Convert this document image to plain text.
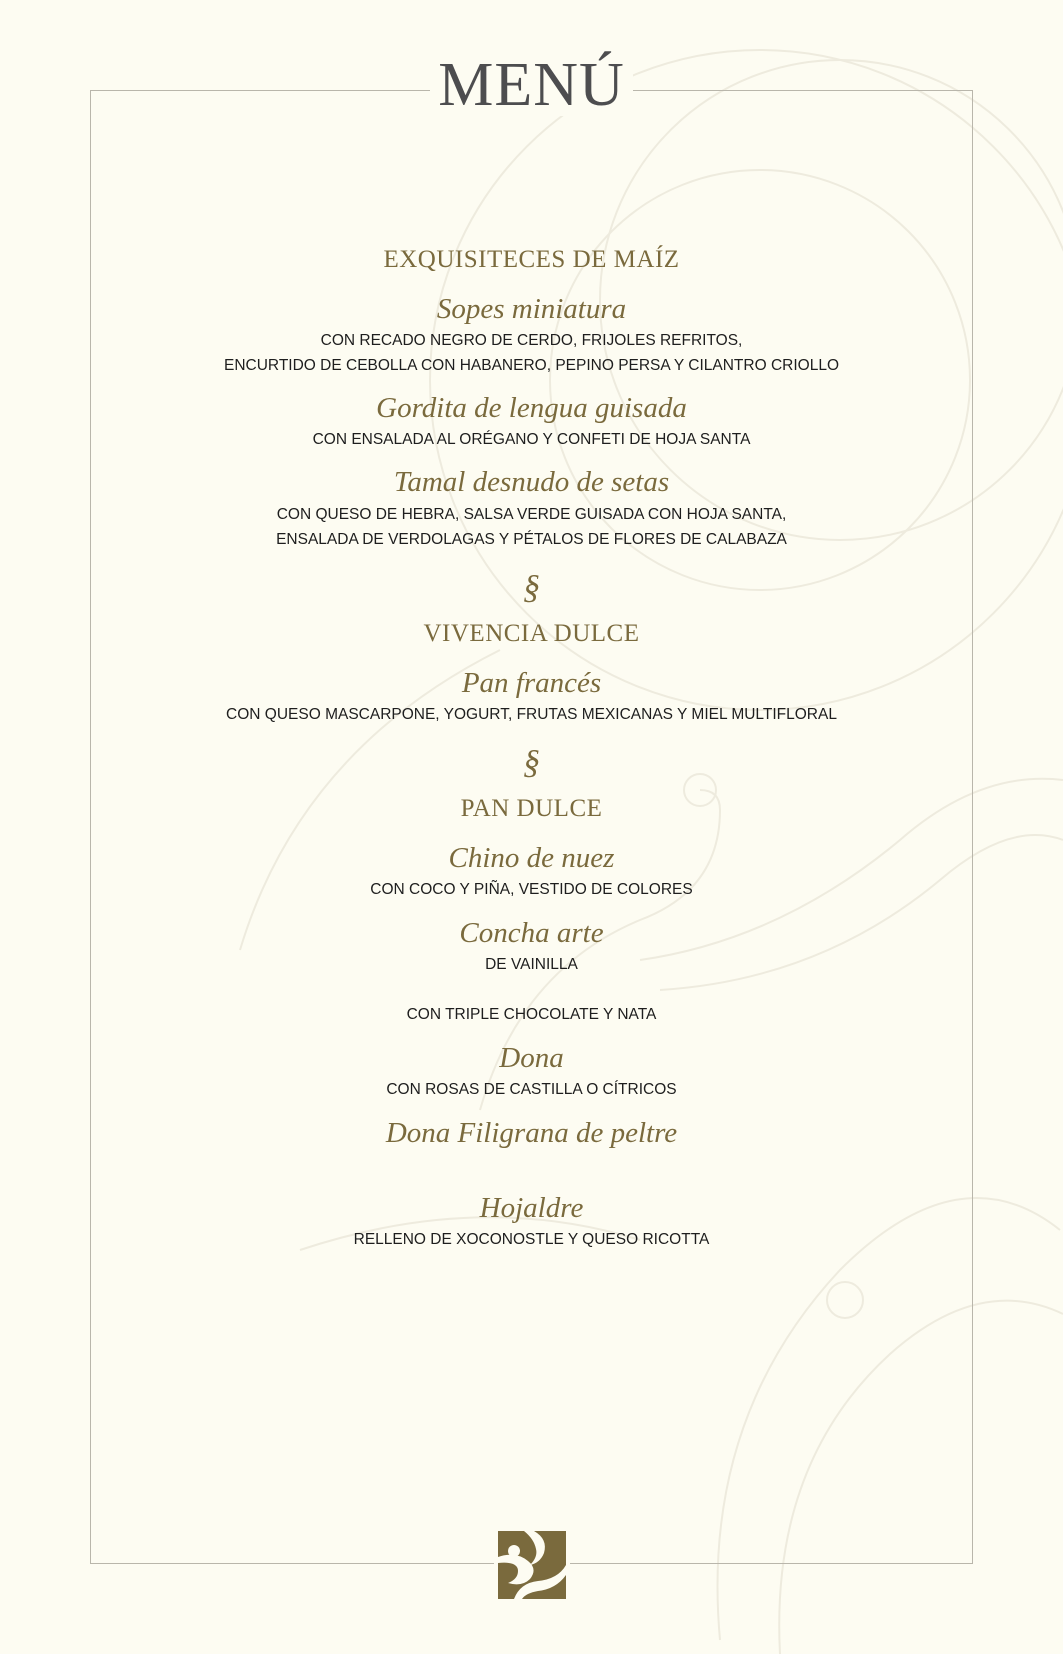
MENÚ
EXQUISITECES DE MAÍZ
Sopes miniatura
CON RECADO NEGRO DE CERDO, FRIJOLES REFRITOS,
ENCURTIDO DE CEBOLLA CON HABANERO, PEPINO PERSA Y CILANTRO CRIOLLO
Gordita de lengua guisada
CON ENSALADA AL ORÉGANO Y CONFETI DE HOJA SANTA
Tamal desnudo de setas
CON QUESO DE HEBRA, SALSA VERDE GUISADA CON HOJA SANTA,
ENSALADA DE VERDOLAGAS Y PÉTALOS DE FLORES DE CALABAZA
§
VIVENCIA DULCE
Pan francés
CON QUESO MASCARPONE, YOGURT, FRUTAS MEXICANAS Y MIEL MULTIFLORAL
§
PAN DULCE
Chino de nuez
CON COCO Y PIÑA, VESTIDO DE COLORES
Concha arte
DE VAINILLA
CON TRIPLE CHOCOLATE Y NATA
Dona
CON ROSAS DE CASTILLA O CÍTRICOS
Dona Filigrana de peltre
Hojaldre
RELLENO DE XOCONOSTLE Y QUESO RICOTTA
